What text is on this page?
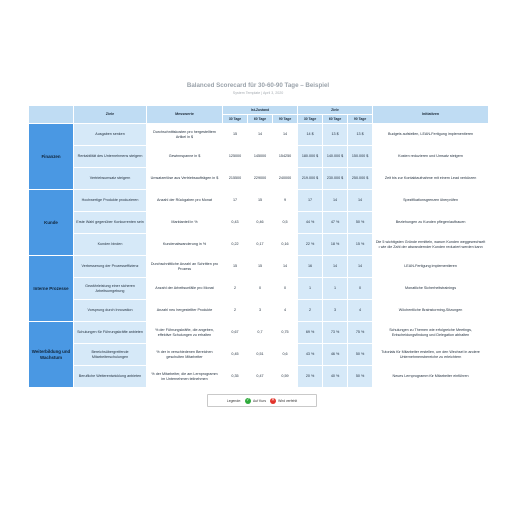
Balanced Scorecard für 30-60-90 Tage – Beispiel
System Template | April 3, 2020
	Ziele	Messwerte	Ist-Zustand			Ziele			Initiativen
			30 Tage	60 Tage	90 Tage	30 Tage	60 Tage	90 Tage	
Finanzen	Ausgaben senken	Durchschnittskosten pro hergestelltem Artikel in $	15	14	14	14 $	13 $	13 $	Budgets aufstellen, LEAN-Fertigung implementieren
	Rentabilität des Unternehmens steigern	Gewinnspanne in $	125000	145000	154250	180.000 $	140.000 $	150.000 $	Kosten reduzieren und Umsatz steigern
	Vertriebsumsatz steigern	Umsatzerlöse aus Vertriebsaufträgen in $	215500	229000	240000	219.000 $	230.000 $	250.000 $	Zeit bis zur Kontaktaufnahme mit einem Lead verkürzen
Kunde	Hochwertige Produkte produzieren	Anzahl der Rückgaben pro Monat	17	15	9	17	14	14	Spezifikationsgrenzen überprüfen
	Erste Wahl gegenüber Konkurrenten sein	Marktanteil in %	0,43	0,46	0,5	44 %	47 %	50 %	Beziehungen zu Kunden pflegen/aufbauen
	Kunden binden	Kundenabwanderung in %	0,22	0,17	0,16	22 %	18 %	15 %	Die 5 wichtigsten Gründe ermitteln, warum Kunden weggewechselt • wie die Zahl der abwandernder Kunden reduziert werden kann
Interne Prozesse	Verbesserung der Prozesseffizienz	Durchschnittliche Anzahl an Schritten pro Prozess	15	15	14	16	14	14	LEAN-Fertigung implementieren
	Gewährleistung einer sicheren Arbeitsumgebung	Anzahl der Arbeitsunfälle pro Monat	2	0	0	1	1	0	Monatliche Sicherheitstrainings
	Vorsprung durch Innovation	Anzahl neu hergestellter Produkte	2	3	4	2	3	4	Wöchentliche Brainstorming-Sitzungen
Weiterbildung und Wachstum	Schulungen für Führungskräfte anbieten	% der Führungskräfte, die angeben, effektive Schulungen zu erhalten	0,67	0,7	0,75	69 %	73 %	75 %	Schulungen zu Themen wie erfolgreiche Meetings, Entscheidungsfindung und Delegation abhalten
	Bereichsübergreifende Mitarbeiterschulungen	% der in verschiedenen Bereichen geschulten Mitarbeiter	0,45	0,51	0,6	43 %	46 %	50 %	Tutorials für Mitarbeiter erstellen, um den Wechsel in andere Unternehmensbereiche zu erleichtern
	Berufliche Weiterentwicklung anbieten	% der Mitarbeiter, die am Lernprogramm im Unternehmen teilnehmen	0,35	0,47	0,59	20 %	40 %	50 %	Neues Lernprogramm für Mitarbeiter einführen
Legende: ✓ Auf Kurs ✕ Wird verfehlt
